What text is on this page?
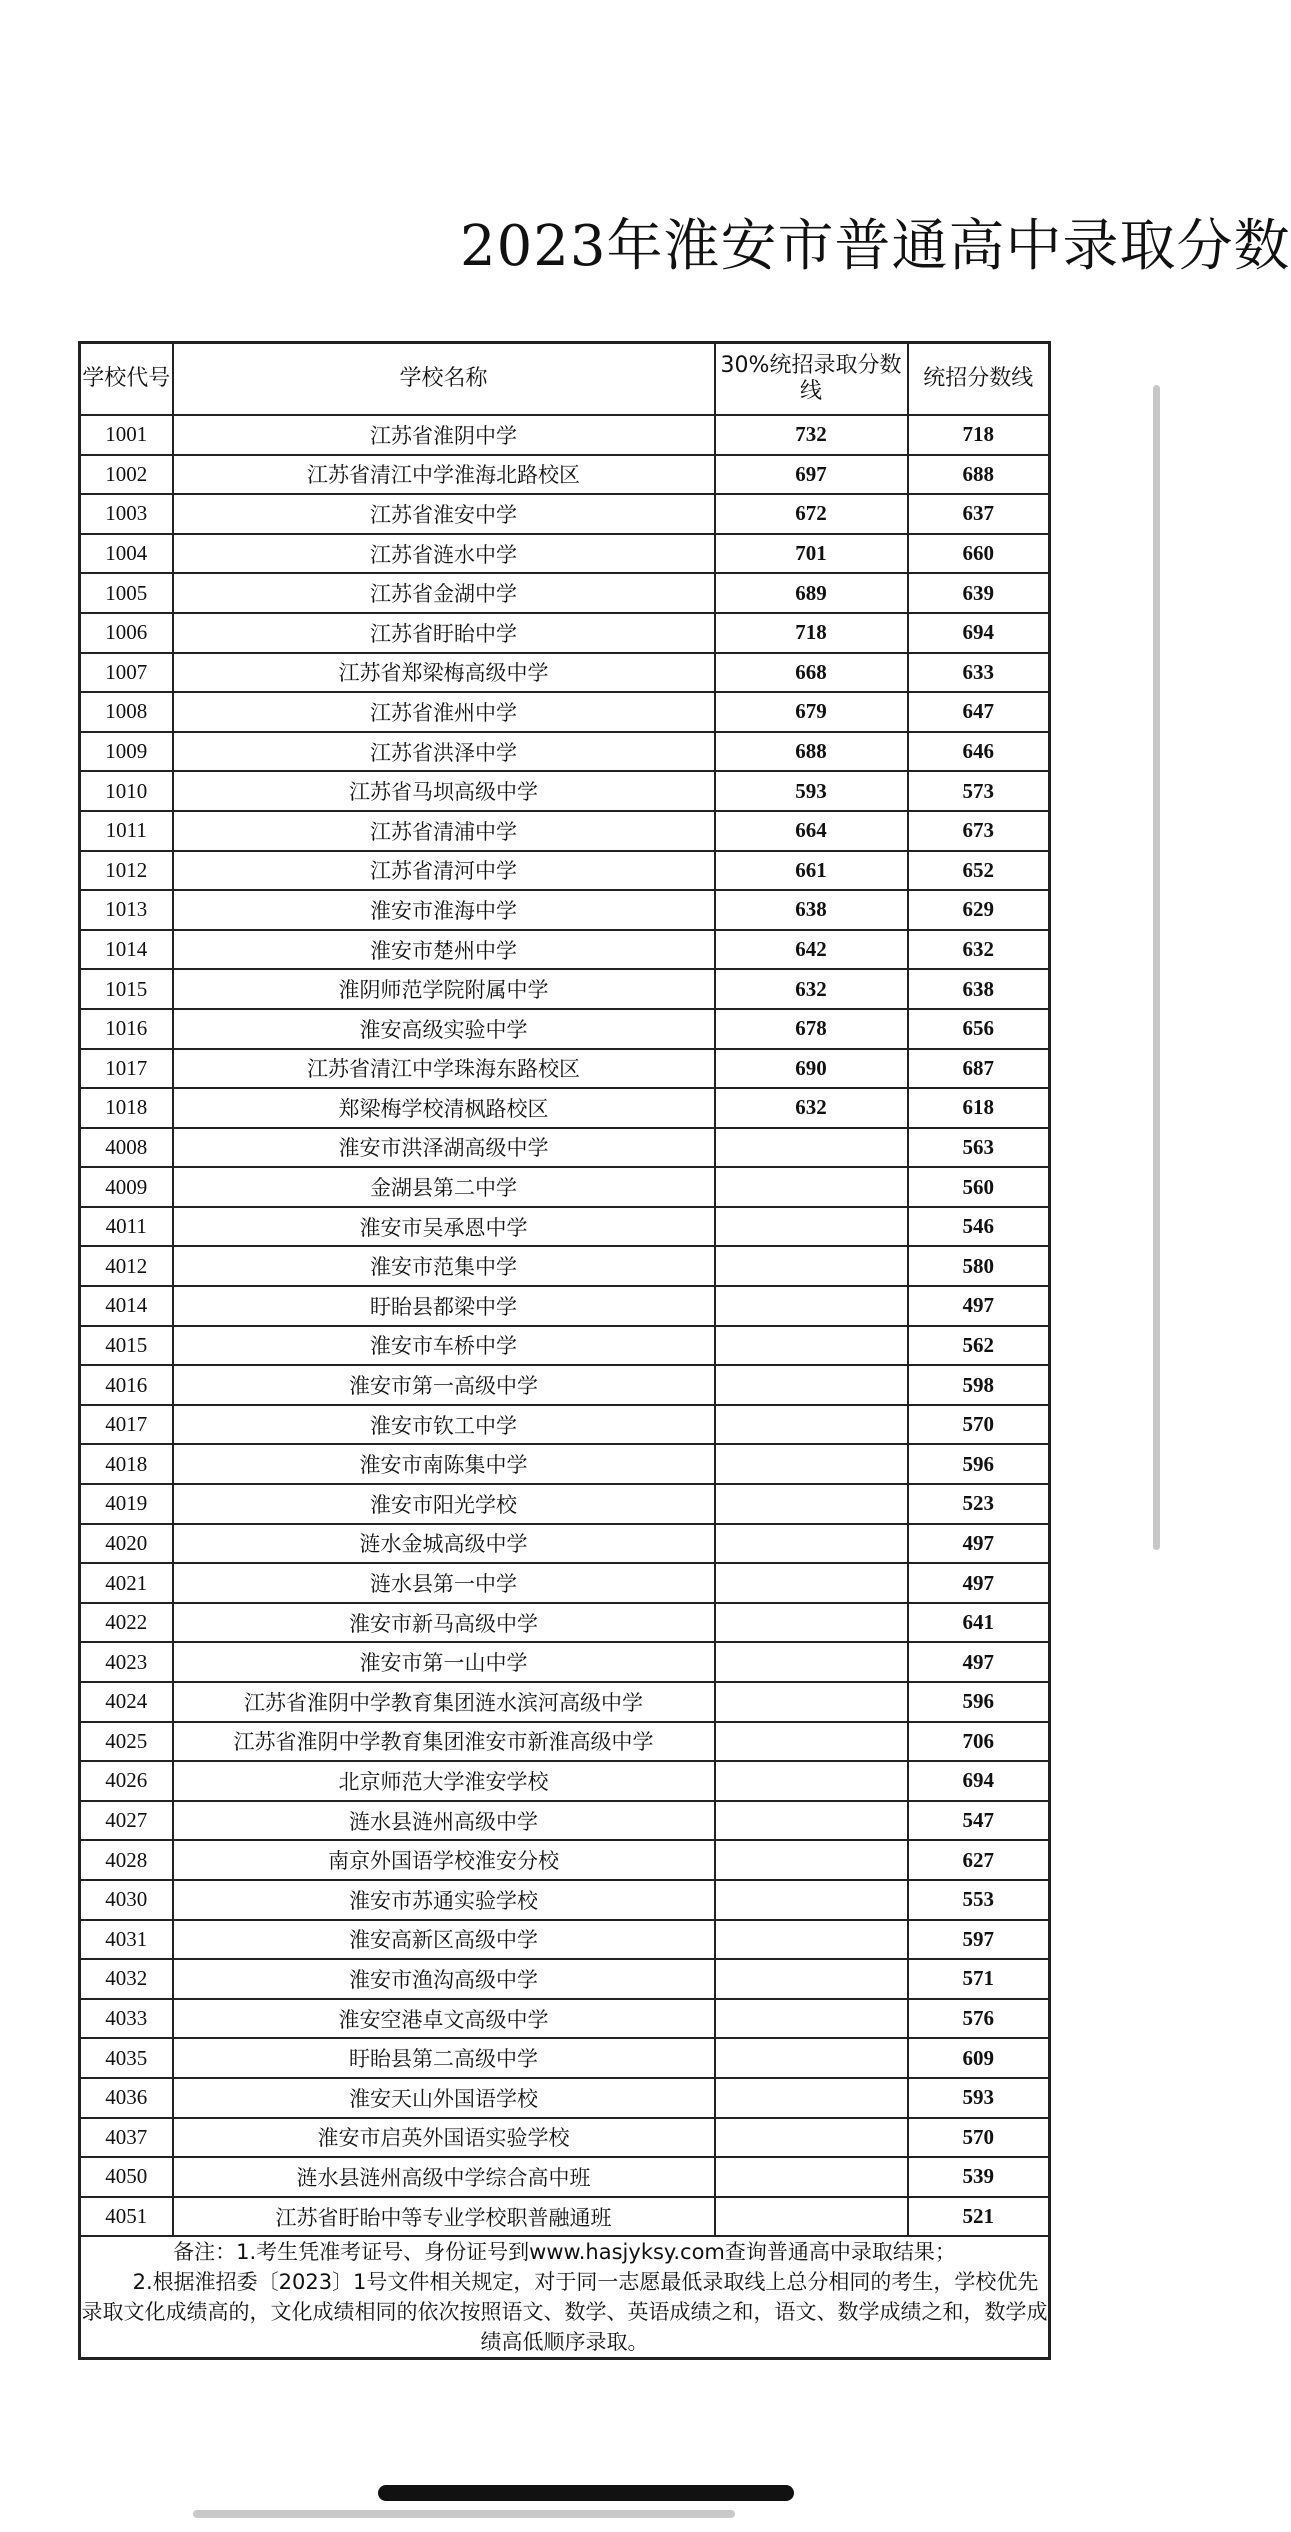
2023年淮安市普通高中录取分数
学校代号	学校名称	30%统招录取分数线	统招分数线
1001	江苏省淮阴中学	732	718
1002	江苏省清江中学淮海北路校区	697	688
1003	江苏省淮安中学	672	637
1004	江苏省涟水中学	701	660
1005	江苏省金湖中学	689	639
1006	江苏省盱眙中学	718	694
1007	江苏省郑梁梅高级中学	668	633
1008	江苏省淮州中学	679	647
1009	江苏省洪泽中学	688	646
1010	江苏省马坝高级中学	593	573
1011	江苏省清浦中学	664	673
1012	江苏省清河中学	661	652
1013	淮安市淮海中学	638	629
1014	淮安市楚州中学	642	632
1015	淮阴师范学院附属中学	632	638
1016	淮安高级实验中学	678	656
1017	江苏省清江中学珠海东路校区	690	687
1018	郑梁梅学校清枫路校区	632	618
4008	淮安市洪泽湖高级中学		563
4009	金湖县第二中学		560
4011	淮安市吴承恩中学		546
4012	淮安市范集中学		580
4014	盱眙县都梁中学		497
4015	淮安市车桥中学		562
4016	淮安市第一高级中学		598
4017	淮安市钦工中学		570
4018	淮安市南陈集中学		596
4019	淮安市阳光学校		523
4020	涟水金城高级中学		497
4021	涟水县第一中学		497
4022	淮安市新马高级中学		641
4023	淮安市第一山中学		497
4024	江苏省淮阴中学教育集团涟水滨河高级中学		596
4025	江苏省淮阴中学教育集团淮安市新淮高级中学		706
4026	北京师范大学淮安学校		694
4027	涟水县涟州高级中学		547
4028	南京外国语学校淮安分校		627
4030	淮安市苏通实验学校		553
4031	淮安高新区高级中学		597
4032	淮安市渔沟高级中学		571
4033	淮安空港卓文高级中学		576
4035	盱眙县第二高级中学		609
4036	淮安天山外国语学校		593
4037	淮安市启英外国语实验学校		570
4050	涟水县涟州高级中学综合高中班		539
4051	江苏省盱眙中等专业学校职普融通班		521

备注：1.考生凭准考证号、身份证号到www.hasjyksy.com查询普通高中录取结果；
2.根据淮招委〔2023〕1号文件相关规定，对于同一志愿最低录取线上总分相同的考生，学校优先录取文化成绩高的，文化成绩相同的依次按照语文、数学、英语成绩之和，语文、数学成绩之和，数学成绩高低顺序录取。			
